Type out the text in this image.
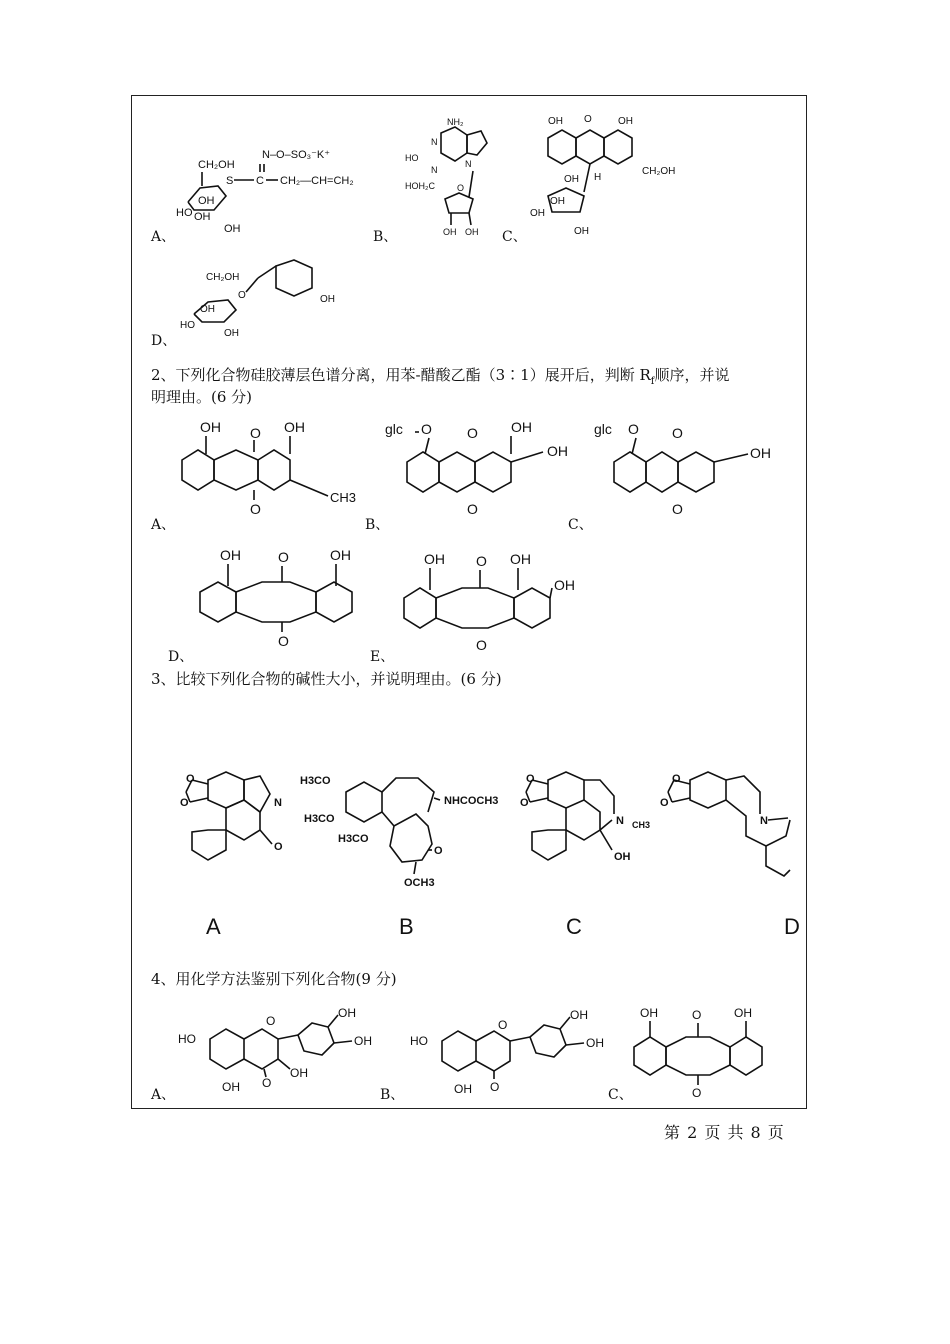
A、	B、	C、
D、
N–O–SO₃⁻K⁺
CH₂OH
S C CH₂—CH=CH₂
OH
OH
HO
OH
NH₂
N
N
N
HO
HOH₂C O
OH OH
OH O	OH
CH₂OH
H
OH
OH
OH
OH
CH₂OH
O	OH
OH
HO
OH
2、下列化合物硅胶薄层色谱分离，用苯-醋酸乙酯（3∶1）展开后，判断 $R_f$顺序，并说
明理由。(6 分)
A、	B、	C、
D、	E、
OH	OH
O
O
CH3
glc O	OH
OH
O
O
glc O
OH
O
O
OH	OH
O
O
OH	OH
OH
O
O
3、比较下列化合物的碱性大小，并说明理由。(6 分)
O
O	N
O
H3CO
H3CO
H3CO
NHCOCH3
O
OCH3
O
O
N CH3
OH
O
O
N
A	B	C	D
4、用化学方法鉴别下列化合物(9 分)
A、	B、	C、
OH
OH
HO
O
OH
OH O
OH
OH
HO
O
OH O
OH	OH
O
O
第 2 页 共 8 页
